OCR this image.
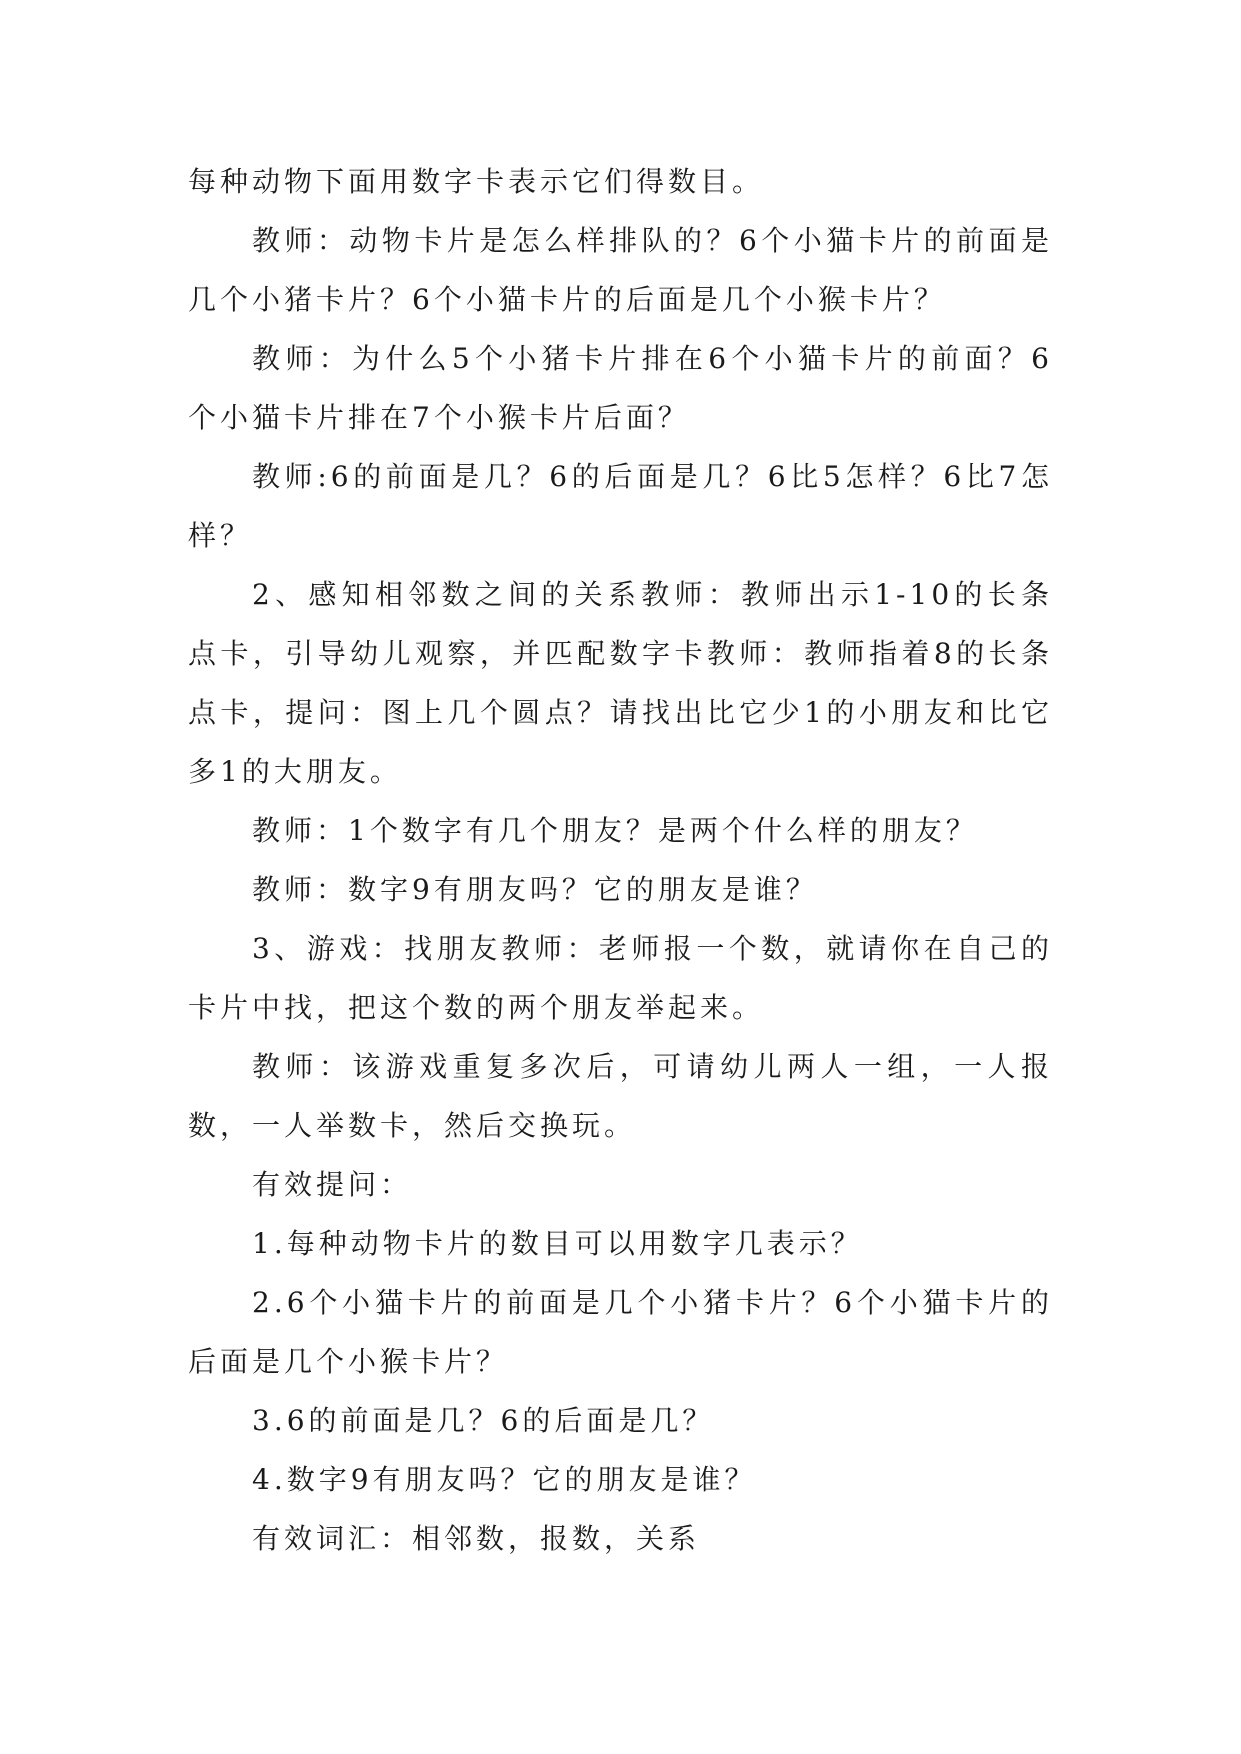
每种动物下面用数字卡表示它们得数目。

教师：动物卡片是怎么样排队的？6个小猫卡片的前面是几个小猪卡片？6个小猫卡片的后面是几个小猴卡片？

教师：为什么5个小猪卡片排在6个小猫卡片的前面？6个小猫卡片排在7个小猴卡片后面？

教师:6的前面是几？6的后面是几？6比5怎样？6比7怎样？

2、感知相邻数之间的关系教师：教师出示1-10的长条点卡，引导幼儿观察，并匹配数字卡教师：教师指着8的长条点卡，提问：图上几个圆点？请找出比它少1的小朋友和比它多1的大朋友。

教师：1个数字有几个朋友？是两个什么样的朋友？

教师：数字9有朋友吗？它的朋友是谁？

3、游戏：找朋友教师：老师报一个数，就请你在自己的卡片中找，把这个数的两个朋友举起来。

教师：该游戏重复多次后，可请幼儿两人一组，一人报数，一人举数卡，然后交换玩。

有效提问：

1.每种动物卡片的数目可以用数字几表示？

2.6个小猫卡片的前面是几个小猪卡片？6个小猫卡片的后面是几个小猴卡片？

3.6的前面是几？6的后面是几？

4.数字9有朋友吗？它的朋友是谁？

有效词汇：相邻数，报数，关系
